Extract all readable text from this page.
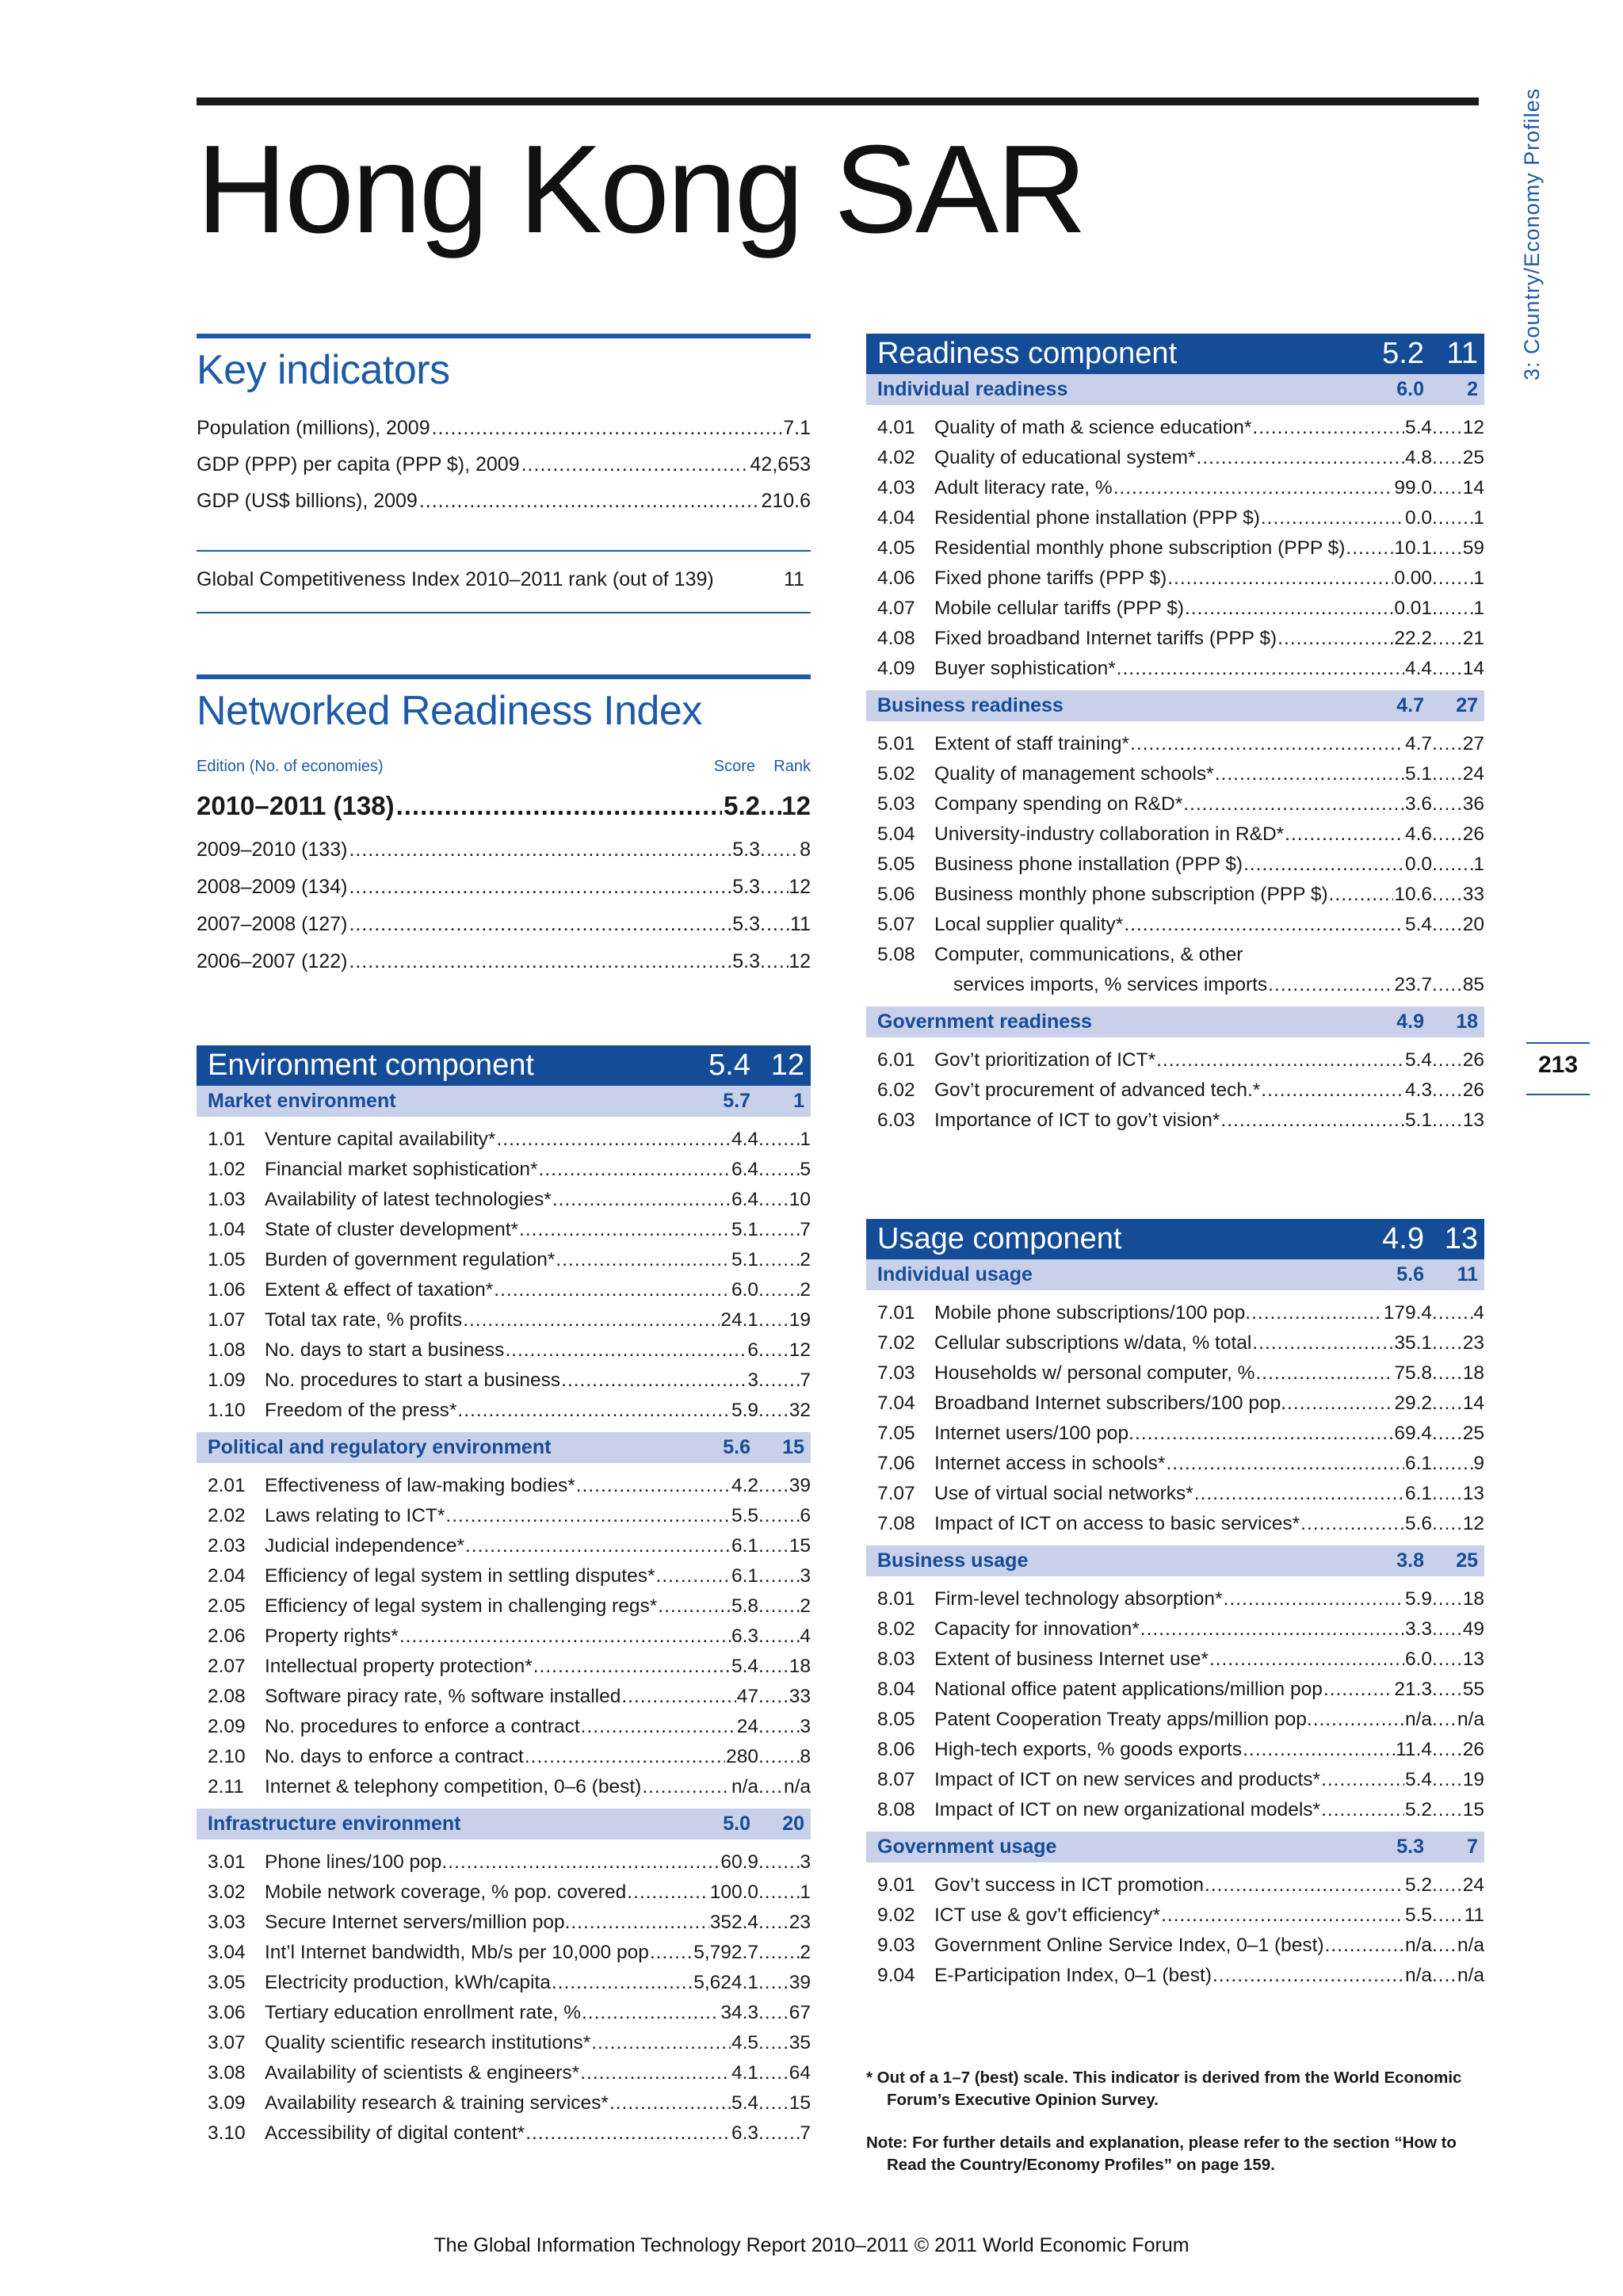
Hong Kong SAR	3: Country/Economy Profiles
213
Key indicators
Population (millions), 2009 .....	7.1
GDP (PPP) per capita (PPP $), 2009 .....	42,653
GDP (US$ billions), 2009 .....	210.6
Global Competitiveness Index 2010–2011 rank (out of 139)	11
Networked Readiness Index
Edition (No. of economies)	Score	Rank
2010–2011 (138) .....	5.2 ..... 12
2009–2010 (133) .....	5.3 ..... 8
2008–2009 (134) .....	5.3 ..... 12
2007–2008 (127) .....	5.3 ..... 11
2006–2007 (122) .....	5.3 ..... 12
Environment component	5.4 12
Market environment	5.7	1
1.01 Venture capital availability* .....	4.4 ..... 1
1.02 Financial market sophistication* .....	6.4 ..... 5
1.03 Availability of latest technologies* .....	6.4 ..... 10
1.04 State of cluster development* .....	5.1 ..... 7
1.05 Burden of government regulation* .....	5.1 ..... 2
1.06 Extent & effect of taxation* .....	6.0 ..... 2
1.07 Total tax rate, % profits .....	24.1 ..... 19
1.08 No. days to start a business .....	6 ..... 12
1.09 No. procedures to start a business .....	3 ..... 7
1.10 Freedom of the press* .....	5.9 ..... 32
Political and regulatory environment	5.6	15
2.01 Effectiveness of law-making bodies* .....	4.2 ..... 39
2.02 Laws relating to ICT* .....	5.5 ..... 6
2.03 Judicial independence* .....	6.1 ..... 15
2.04 Efficiency of legal system in settling disputes* .....	6.1 ..... 3
2.05 Efficiency of legal system in challenging regs* .....	5.8 ..... 2
2.06 Property rights* .....	6.3 ..... 4
2.07 Intellectual property protection* .....	5.4 ..... 18
2.08 Software piracy rate, % software installed .....	47 ..... 33
2.09 No. procedures to enforce a contract .....	24 ..... 3
2.10 No. days to enforce a contract .....	280 ..... 8
2.11	Internet & telephony competition, 0–6 (best) .....	n/a ..... n/a
Infrastructure environment	5.0	20
3.01 Phone lines/100 pop. .....	60.9 ..... 3
3.02 Mobile network coverage, % pop. covered .....	100.0 ..... 1
3.03 Secure Internet servers/million pop. .....	352.4 ..... 23
3.04 Int’l Internet bandwidth, Mb/s per 10,000 pop ..... 5,792.7 ..... 2
3.05 Electricity production, kWh/capita .....	5,624.1 ..... 39
3.06 Tertiary education enrollment rate, % .....	34.3 ..... 67
3.07 Quality scientific research institutions* .....	4.5 ..... 35
3.08 Availability of scientists & engineers* .....	4.1 ..... 64
3.09 Availability research & training services* .....	5.4 ..... 15
3.10 Accessibility of digital content* .....	6.3 ..... 7
Readiness component	5.2 11
Individual readiness	6.0	2
4.01 Quality of math & science education* .....	5.4 ..... 12
4.02 Quality of educational system* .....	4.8 ..... 25
4.03 Adult literacy rate, % .....	99.0 ..... 14
4.04 Residential phone installation (PPP $) .....	0.0 ..... 1
4.05 Residential monthly phone subscription (PPP $) .....	10.1 ..... 59
4.06 Fixed phone tariffs (PPP $) .....	0.00 ..... 1
4.07 Mobile cellular tariffs (PPP $) .....	0.01 ..... 1
4.08 Fixed broadband Internet tariffs (PPP $) .....	22.2 ..... 21
4.09 Buyer sophistication* .....	4.4 ..... 14
Business readiness	4.7	27
5.01 Extent of staff training* .....	4.7 ..... 27
5.02 Quality of management schools* .....	5.1 ..... 24
5.03 Company spending on R&D* .....	3.6 ..... 36
5.04 University-industry collaboration in R&D* .....	4.6 ..... 26
5.05 Business phone installation (PPP $) .....	0.0 ..... 1
5.06 Business monthly phone subscription (PPP $) .....	10.6 ..... 33
5.07 Local supplier quality* .....	5.4 ..... 20
5.08 Computer, communications, & other
services imports, % services imports .....	23.7 ..... 85
Government readiness	4.9	18
6.01 Gov’t prioritization of ICT* .....	5.4 ..... 26
6.02 Gov’t procurement of advanced tech.* .....	4.3 ..... 26
6.03 Importance of ICT to gov’t vision* .....	5.1 ..... 13
Usage component	4.9 13
Individual usage	5.6	11
7.01 Mobile phone subscriptions/100 pop. .....	179.4 ..... 4
7.02 Cellular subscriptions w/data, % total .....	35.1 ..... 23
7.03 Households w/ personal computer, % .....	75.8 ..... 18
7.04 Broadband Internet subscribers/100 pop. .....	29.2 ..... 14
7.05 Internet users/100 pop. .....	69.4 ..... 25
7.06 Internet access in schools* .....	6.1 ..... 9
7.07 Use of virtual social networks* .....	6.1 ..... 13
7.08 Impact of ICT on access to basic services* .....	5.6 ..... 12
Business usage	3.8	25
8.01 Firm-level technology absorption* .....	5.9 ..... 18
8.02 Capacity for innovation* .....	3.3 ..... 49
8.03 Extent of business Internet use* .....	6.0 ..... 13
8.04 National office patent applications/million pop .....	21.3 ..... 55
8.05 Patent Cooperation Treaty apps/million pop. .....	n/a ..... n/a
8.06 High-tech exports, % goods exports .....	11.4 ..... 26
8.07 Impact of ICT on new services and products* .....	5.4 ..... 19
8.08 Impact of ICT on new organizational models* .....	5.2 ..... 15
Government usage	5.3	7
9.01 Gov’t success in ICT promotion .....	5.2 ..... 24
9.02 ICT use & gov’t efficiency* .....	5.5 ..... 11
9.03 Government Online Service Index, 0–1 (best) .....	n/a ..... n/a
9.04 E-Participation Index, 0–1 (best) .....	n/a ..... n/a
* Out of a 1–7 (best) scale. This indicator is derived from the World Economic Forum’s Executive Opinion Survey.
Note: For further details and explanation, please refer to the section “How to Read the Country/Economy Profiles” on page 159.
The Global Information Technology Report 2010–2011 © 2011 World Economic Forum
